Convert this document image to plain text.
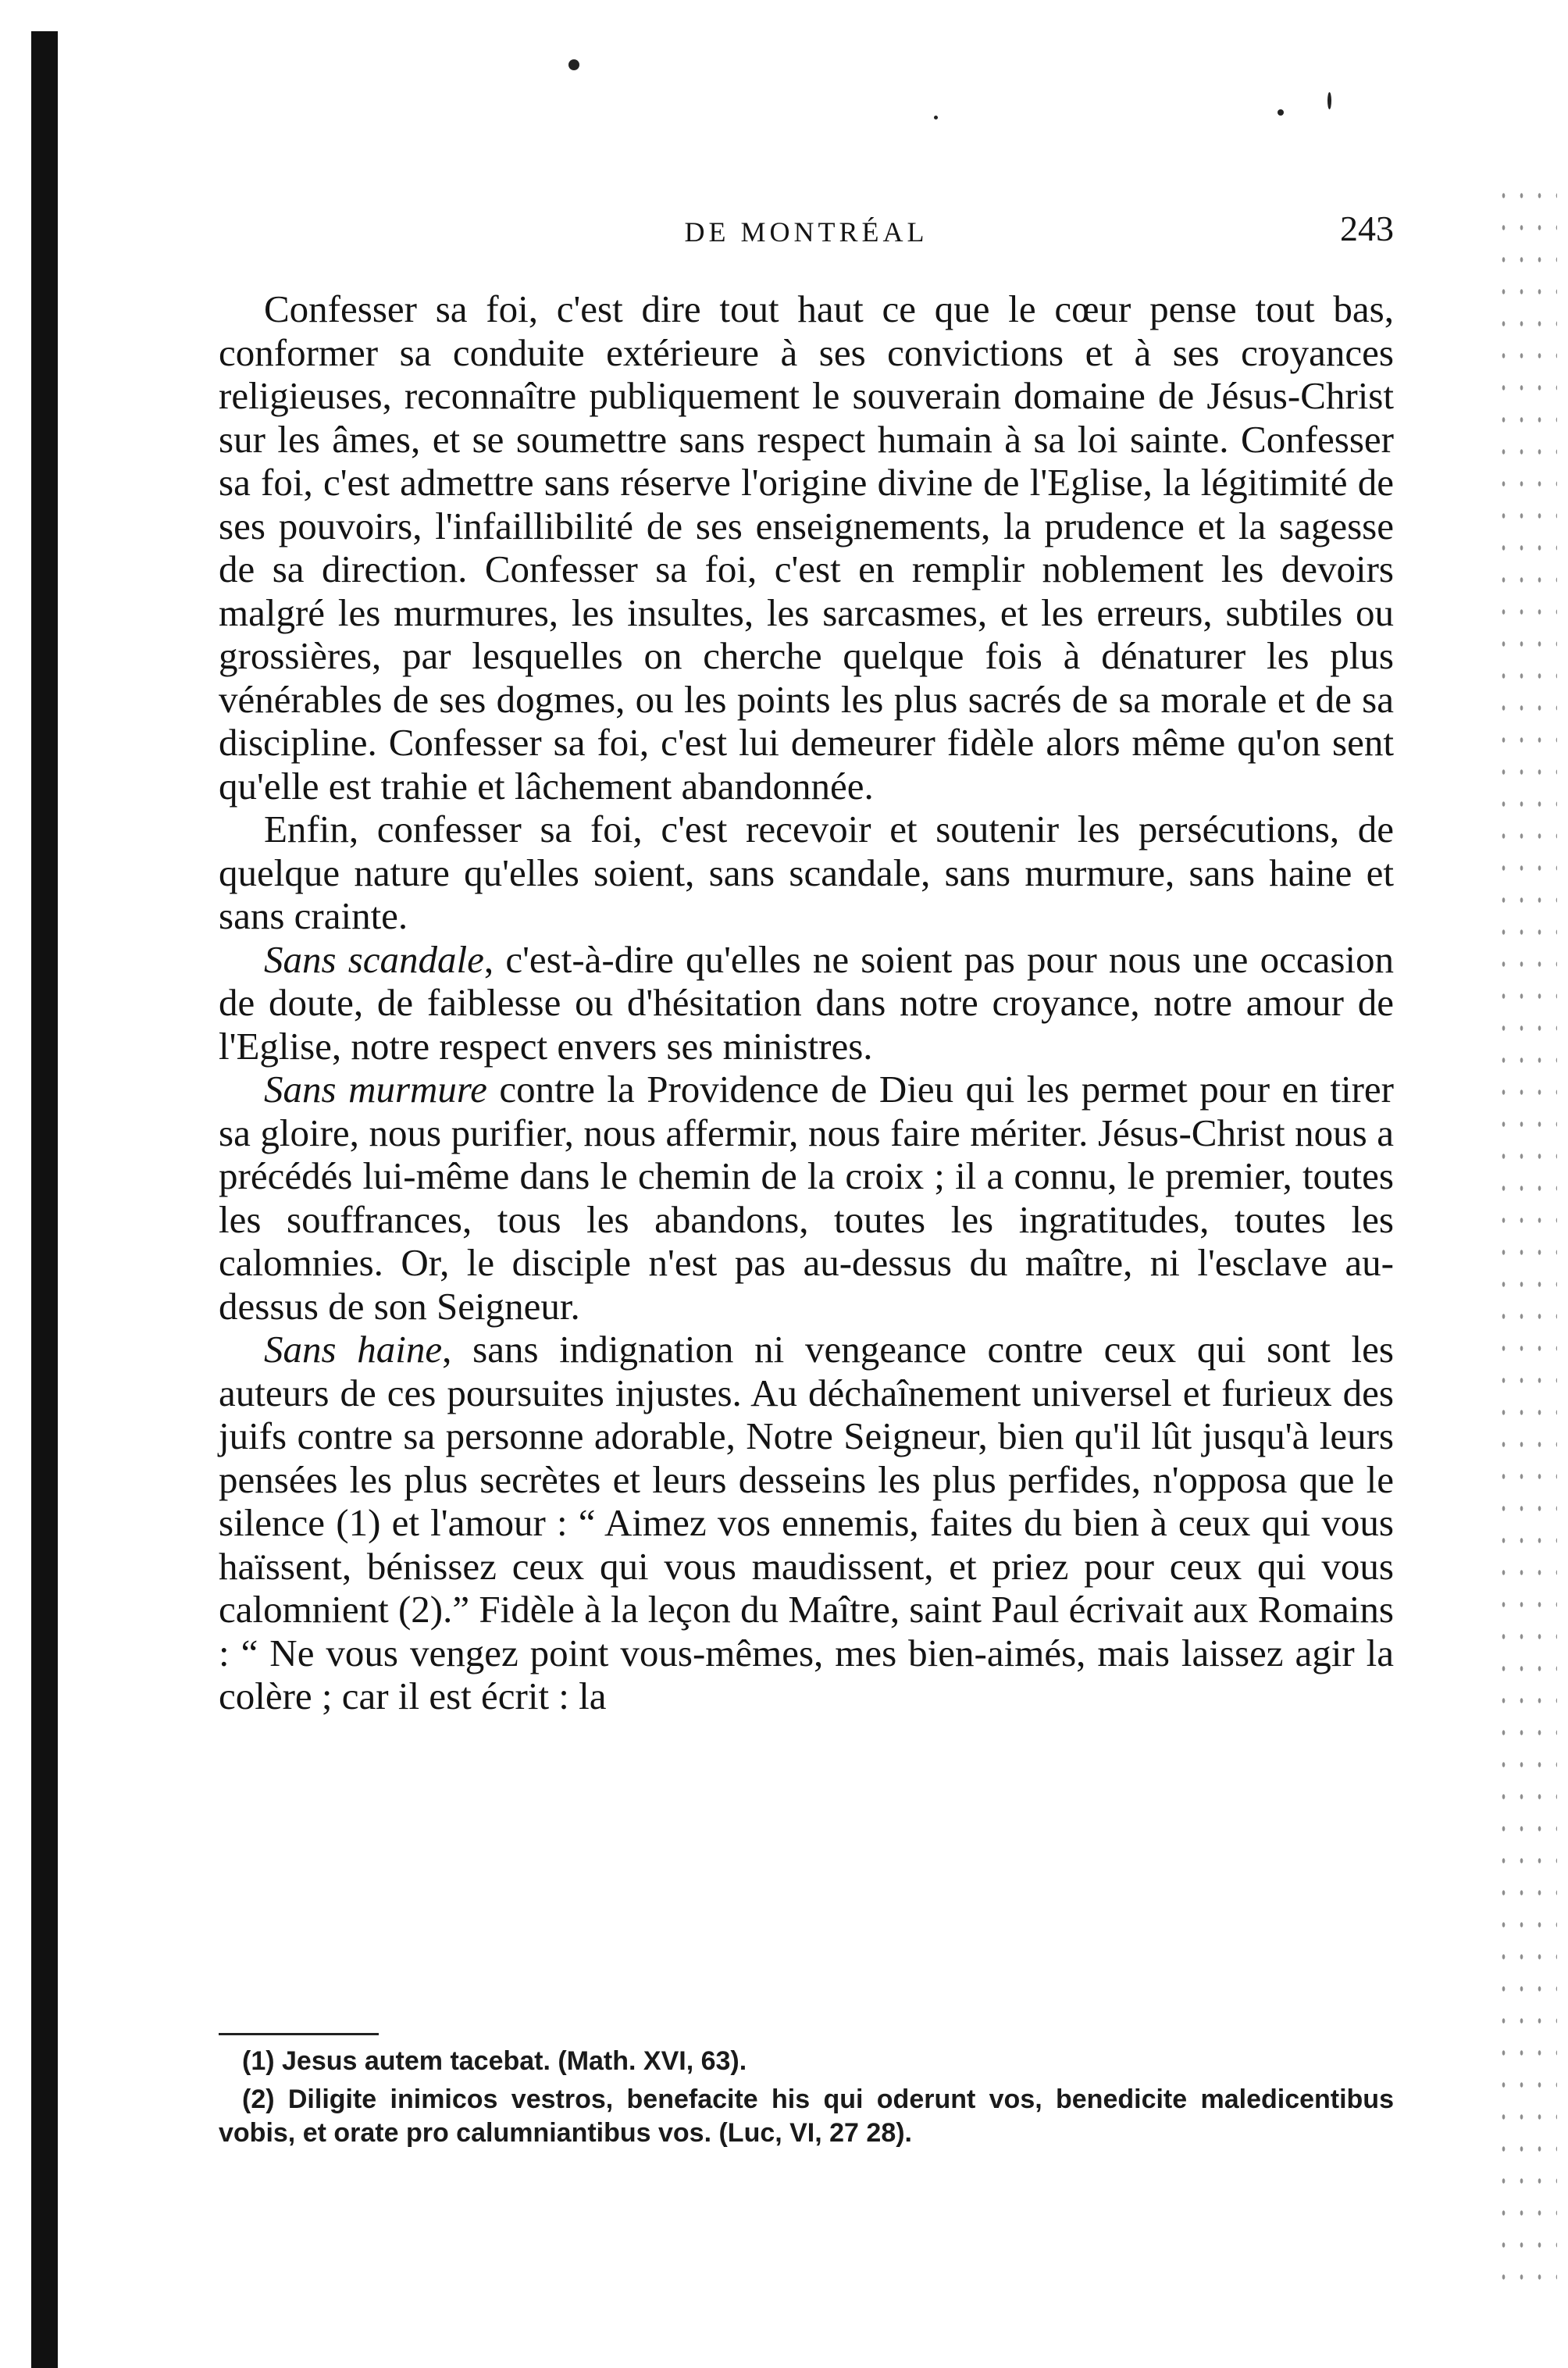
DE MONTRÉAL	243

Confesser sa foi, c'est dire tout haut ce que le cœur pense tout bas, conformer sa conduite extérieure à ses convictions et à ses croyances religieuses, reconnaître publiquement le souverain domaine de Jésus-Christ sur les âmes, et se soumettre sans respect humain à sa loi sainte. Confesser sa foi, c'est admettre sans réserve l'origine divine de l'Eglise, la légitimité de ses pouvoirs, l'infaillibilité de ses enseignements, la prudence et la sagesse de sa direction. Confesser sa foi, c'est en remplir noblement les devoirs malgré les murmures, les insultes, les sarcasmes, et les erreurs, subtiles ou grossières, par lesquelles on cherche quelque fois à dénaturer les plus vénérables de ses dogmes, ou les points les plus sacrés de sa morale et de sa discipline. Confesser sa foi, c'est lui demeurer fidèle alors même qu'on sent qu'elle est trahie et lâchement abandonnée.

Enfin, confesser sa foi, c'est recevoir et soutenir les persécutions, de quelque nature qu'elles soient, sans scandale, sans murmure, sans haine et sans crainte.

Sans scandale, c'est-à-dire qu'elles ne soient pas pour nous une occasion de doute, de faiblesse ou d'hésitation dans notre croyance, notre amour de l'Eglise, notre respect envers ses ministres.

Sans murmure contre la Providence de Dieu qui les permet pour en tirer sa gloire, nous purifier, nous affermir, nous faire mériter. Jésus-Christ nous a précédés lui-même dans le chemin de la croix ; il a connu, le premier, toutes les souffrances, tous les abandons, toutes les ingratitudes, toutes les calomnies. Or, le disciple n'est pas au-dessus du maître, ni l'esclave au-dessus de son Seigneur.

Sans haine, sans indignation ni vengeance contre ceux qui sont les auteurs de ces poursuites injustes. Au déchaînement universel et furieux des juifs contre sa personne adorable, Notre Seigneur, bien qu'il lût jusqu'à leurs pensées les plus secrètes et leurs desseins les plus perfides, n'opposa que le silence (1) et l'amour : “ Aimez vos ennemis, faites du bien à ceux qui vous haïssent, bénissez ceux qui vous maudissent, et priez pour ceux qui vous calomnient (2).” Fidèle à la leçon du Maître, saint Paul écrivait aux Romains : “ Ne vous vengez point vous-mêmes, mes bien-aimés, mais laissez agir la colère ; car il est écrit : la

(1) Jesus autem tacebat. (Math. XVI, 63).

(2) Diligite inimicos vestros, benefacite his qui oderunt vos, benedicite maledicentibus vobis, et orate pro calumniantibus vos. (Luc, VI, 27 28).
